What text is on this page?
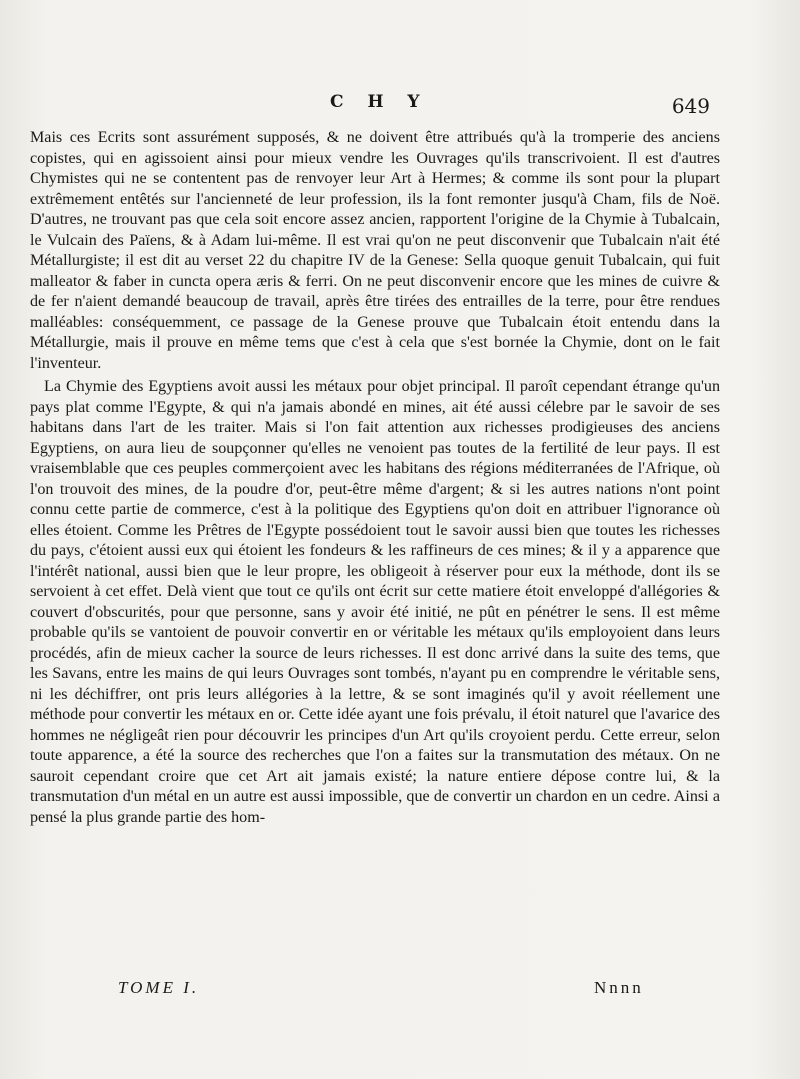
C H Y	649

Mais ces Ecrits sont assurément supposés, & ne doivent être attribués qu'à la tromperie des anciens copistes, qui en agissoient ainsi pour mieux vendre les Ouvrages qu'ils transcrivoient. Il est d'autres Chymistes qui ne se contentent pas de renvoyer leur Art à Hermes; & comme ils sont pour la plupart extrêmement entêtés sur l'ancienneté de leur profession, ils la font remonter jusqu'à Cham, fils de Noë. D'autres, ne trouvant pas que cela soit encore assez ancien, rapportent l'origine de la Chymie à Tubalcain, le Vulcain des Païens, & à Adam lui-même. Il est vrai qu'on ne peut disconvenir que Tubalcain n'ait été Métallurgiste; il est dit au verset 22 du chapitre IV de la Genese: Sella quoque genuit Tubalcain, qui fuit malleator & faber in cuncta opera æris & ferri. On ne peut disconvenir encore que les mines de cuivre & de fer n'aient demandé beaucoup de travail, après être tirées des entrailles de la terre, pour être rendues malléables: conséquemment, ce passage de la Genese prouve que Tubalcain étoit entendu dans la Métallurgie, mais il prouve en même tems que c'est à cela que s'est bornée la Chymie, dont on le fait l'inventeur.

La Chymie des Egyptiens avoit aussi les métaux pour objet principal. Il paroît cependant étrange qu'un pays plat comme l'Egypte, & qui n'a jamais abondé en mines, ait été aussi célebre par le savoir de ses habitans dans l'art de les traiter. Mais si l'on fait attention aux richesses prodigieuses des anciens Egyptiens, on aura lieu de soupçonner qu'elles ne venoient pas toutes de la fertilité de leur pays. Il est vraisemblable que ces peuples commerçoient avec les habitans des régions méditerranées de l'Afrique, où l'on trouvoit des mines, de la poudre d'or, peut-être même d'argent; & si les autres nations n'ont point connu cette partie de commerce, c'est à la politique des Egyptiens qu'on doit en attribuer l'ignorance où elles étoient. Comme les Prêtres de l'Egypte possédoient tout le savoir aussi bien que toutes les richesses du pays, c'étoient aussi eux qui étoient les fondeurs & les raffineurs de ces mines; & il y a apparence que l'intérêt national, aussi bien que le leur propre, les obligeoit à réserver pour eux la méthode, dont ils se servoient à cet effet. Delà vient que tout ce qu'ils ont écrit sur cette matiere étoit enveloppé d'allégories & couvert d'obscurités, pour que personne, sans y avoir été initié, ne pût en pénétrer le sens. Il est même probable qu'ils se vantoient de pouvoir convertir en or véritable les métaux qu'ils employoient dans leurs procédés, afin de mieux cacher la source de leurs richesses. Il est donc arrivé dans la suite des tems, que les Savans, entre les mains de qui leurs Ouvrages sont tombés, n'ayant pu en comprendre le véritable sens, ni les déchiffrer, ont pris leurs allégories à la lettre, & se sont imaginés qu'il y avoit réellement une méthode pour convertir les métaux en or. Cette idée ayant une fois prévalu, il étoit naturel que l'avarice des hommes ne négligeât rien pour découvrir les principes d'un Art qu'ils croyoient perdu. Cette erreur, selon toute apparence, a été la source des recherches que l'on a faites sur la transmutation des métaux. On ne sauroit cependant croire que cet Art ait jamais existé; la nature entiere dépose contre lui, & la transmutation d'un métal en un autre est aussi impossible, que de convertir un chardon en un cedre. Ainsi a pensé la plus grande partie des hom-

TOME I.	Nnnn
